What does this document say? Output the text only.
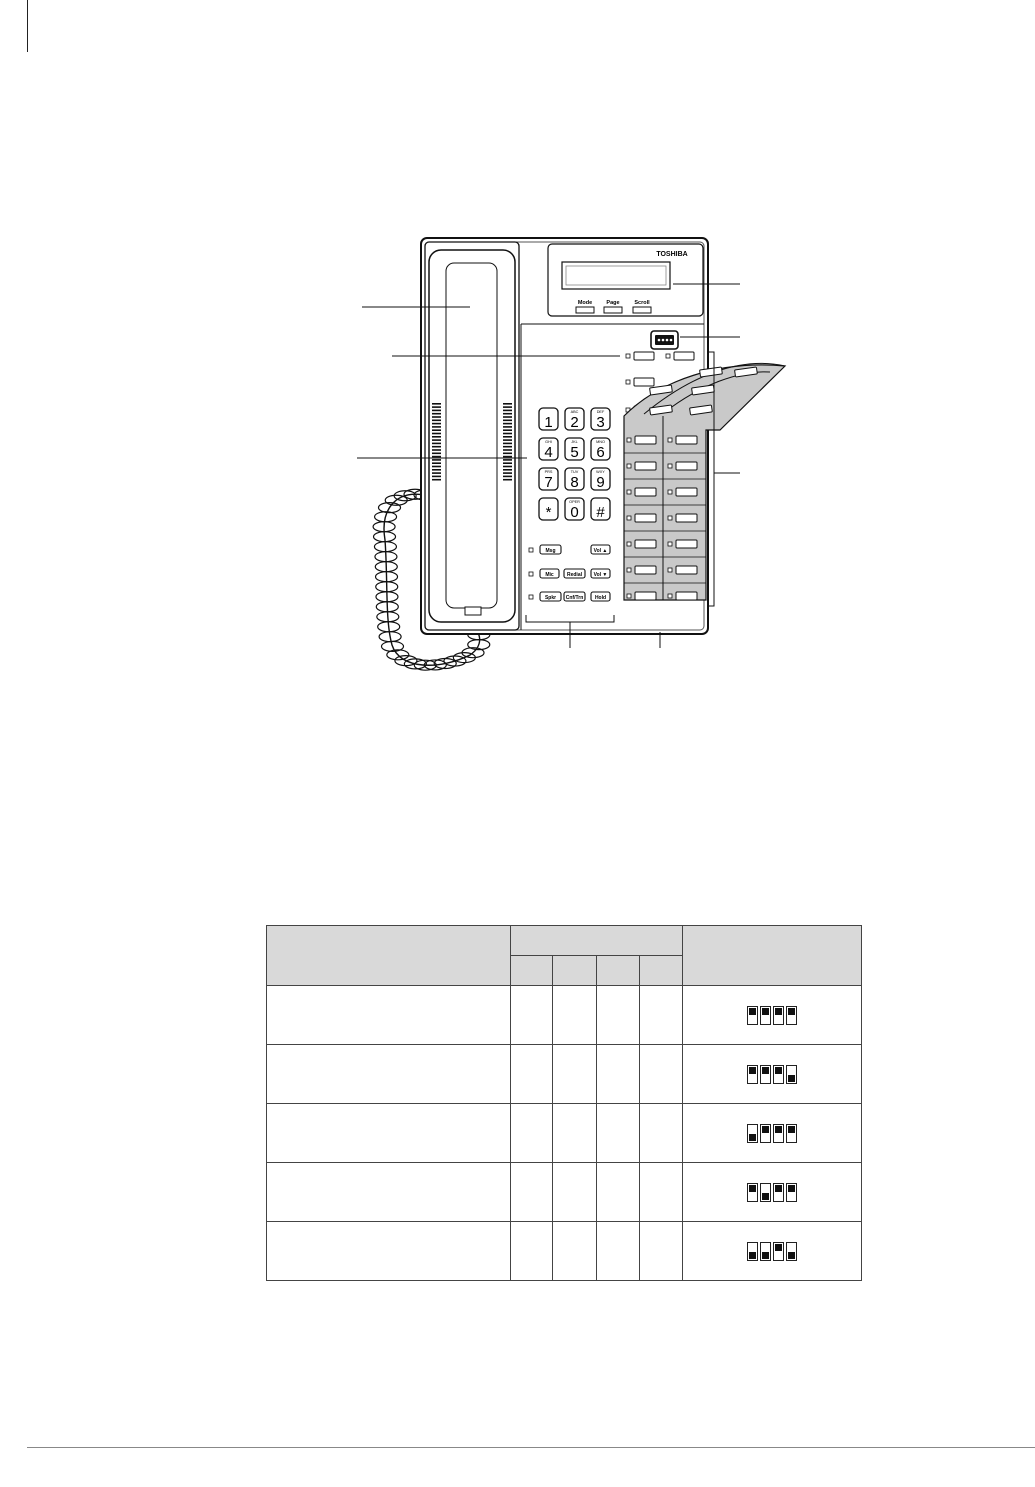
TOSHIBA
Mode	Page	Scroll
1
ABC
2
DEF
3
GHI
4
JKL
5
MNO
6
PRS
7
TUV
8
WXY
9
*
OPER
0 #
Msg	Vol ▲
Mic	Redial Vol ▼
Spkr Cnf/Trn Hold
